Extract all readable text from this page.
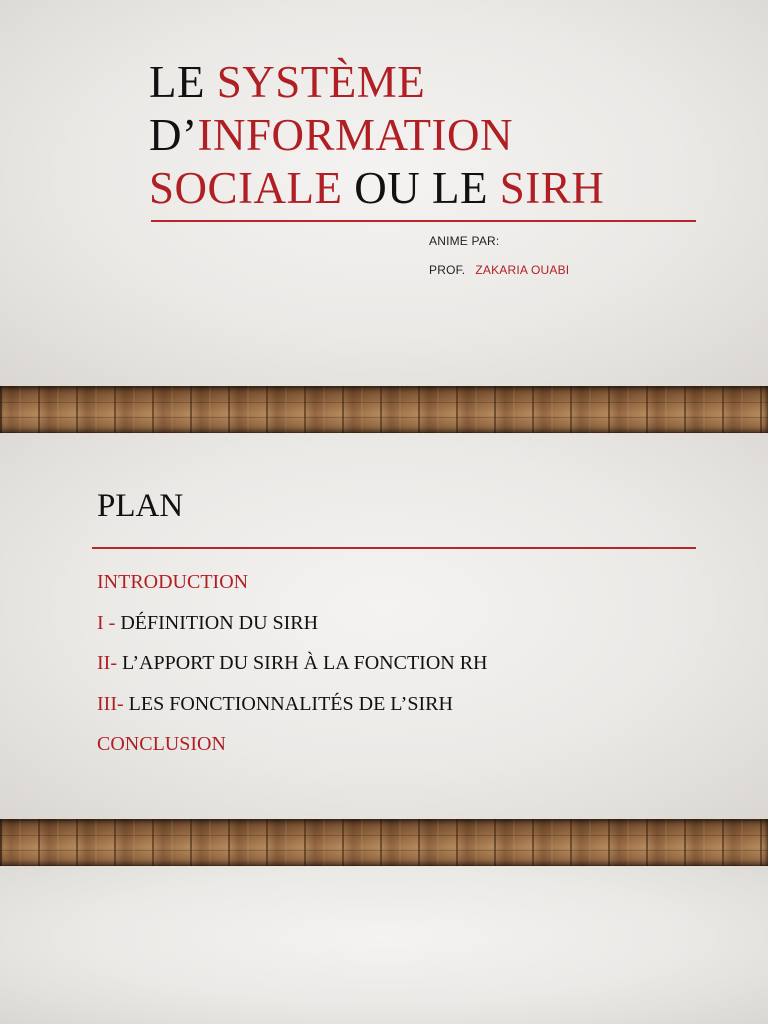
LE SYSTÈME
D’INFORMATION
SOCIALE OU LE SIRH
ANIME PAR:
PROF. ZAKARIA OUABI
PLAN
INTRODUCTION
I - DÉFINITION DU SIRH
II- L’APPORT DU SIRH À LA FONCTION RH
III- LES FONCTIONNALITÉS DE L’SIRH
CONCLUSION
